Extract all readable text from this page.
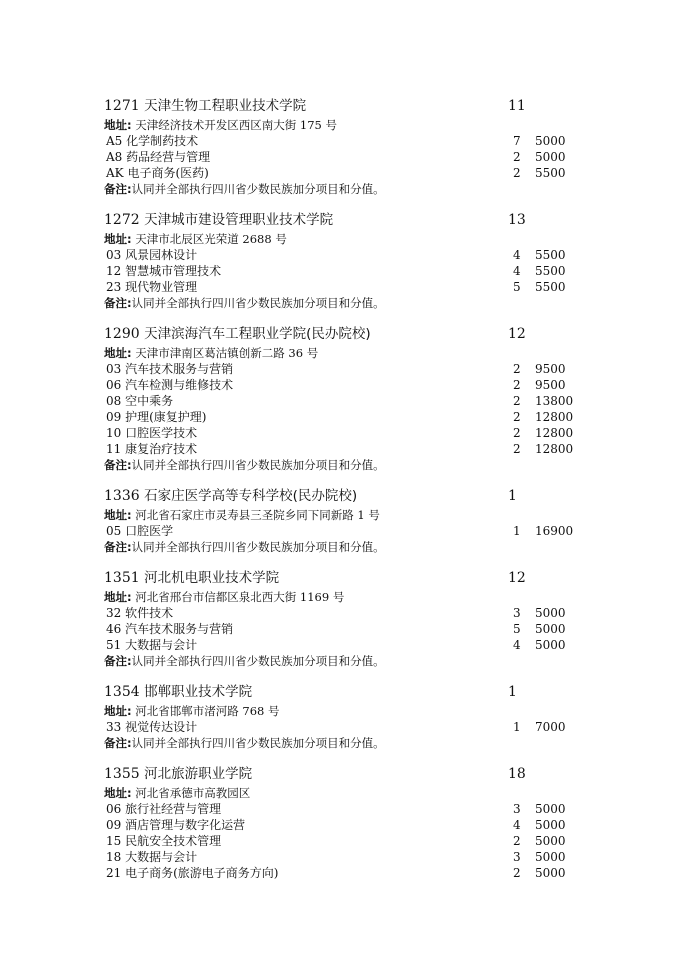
1271 天津生物工程职业技术学院	11
地址: 天津经济技术开发区西区南大街 175 号
A5 化学制药技术	7 5000
A8 药品经营与管理	2 5000
AK 电子商务(医药)	2 5500
备注:认同并全部执行四川省少数民族加分项目和分值。
1272 天津城市建设管理职业技术学院	13
地址: 天津市北辰区光荣道 2688 号
03 风景园林设计	4 5500
12 智慧城市管理技术	4 5500
23 现代物业管理	5 5500
备注:认同并全部执行四川省少数民族加分项目和分值。
1290 天津滨海汽车工程职业学院(民办院校)	12
地址: 天津市津南区葛沽镇创新二路 36 号
03 汽车技术服务与营销	2 9500
06 汽车检测与维修技术	2 9500
08 空中乘务	2 13800
09 护理(康复护理)	2 12800
10 口腔医学技术	2 12800
11 康复治疗技术	2 12800
备注:认同并全部执行四川省少数民族加分项目和分值。
1336 石家庄医学高等专科学校(民办院校)	1
地址: 河北省石家庄市灵寿县三圣院乡同下同新路 1 号
05 口腔医学	1 16900
备注:认同并全部执行四川省少数民族加分项目和分值。
1351 河北机电职业技术学院	12
地址: 河北省邢台市信都区泉北西大街 1169 号
32 软件技术	3 5000
46 汽车技术服务与营销	5 5000
51 大数据与会计	4 5000
备注:认同并全部执行四川省少数民族加分项目和分值。
1354 邯郸职业技术学院	1
地址: 河北省邯郸市渚河路 768 号
33 视觉传达设计	1 7000
备注:认同并全部执行四川省少数民族加分项目和分值。
1355 河北旅游职业学院	18
地址: 河北省承德市高教园区
06 旅行社经营与管理	3 5000
09 酒店管理与数字化运营	4 5000
15 民航安全技术管理	2 5000
18 大数据与会计	3 5000
21 电子商务(旅游电子商务方向)	2 5000
